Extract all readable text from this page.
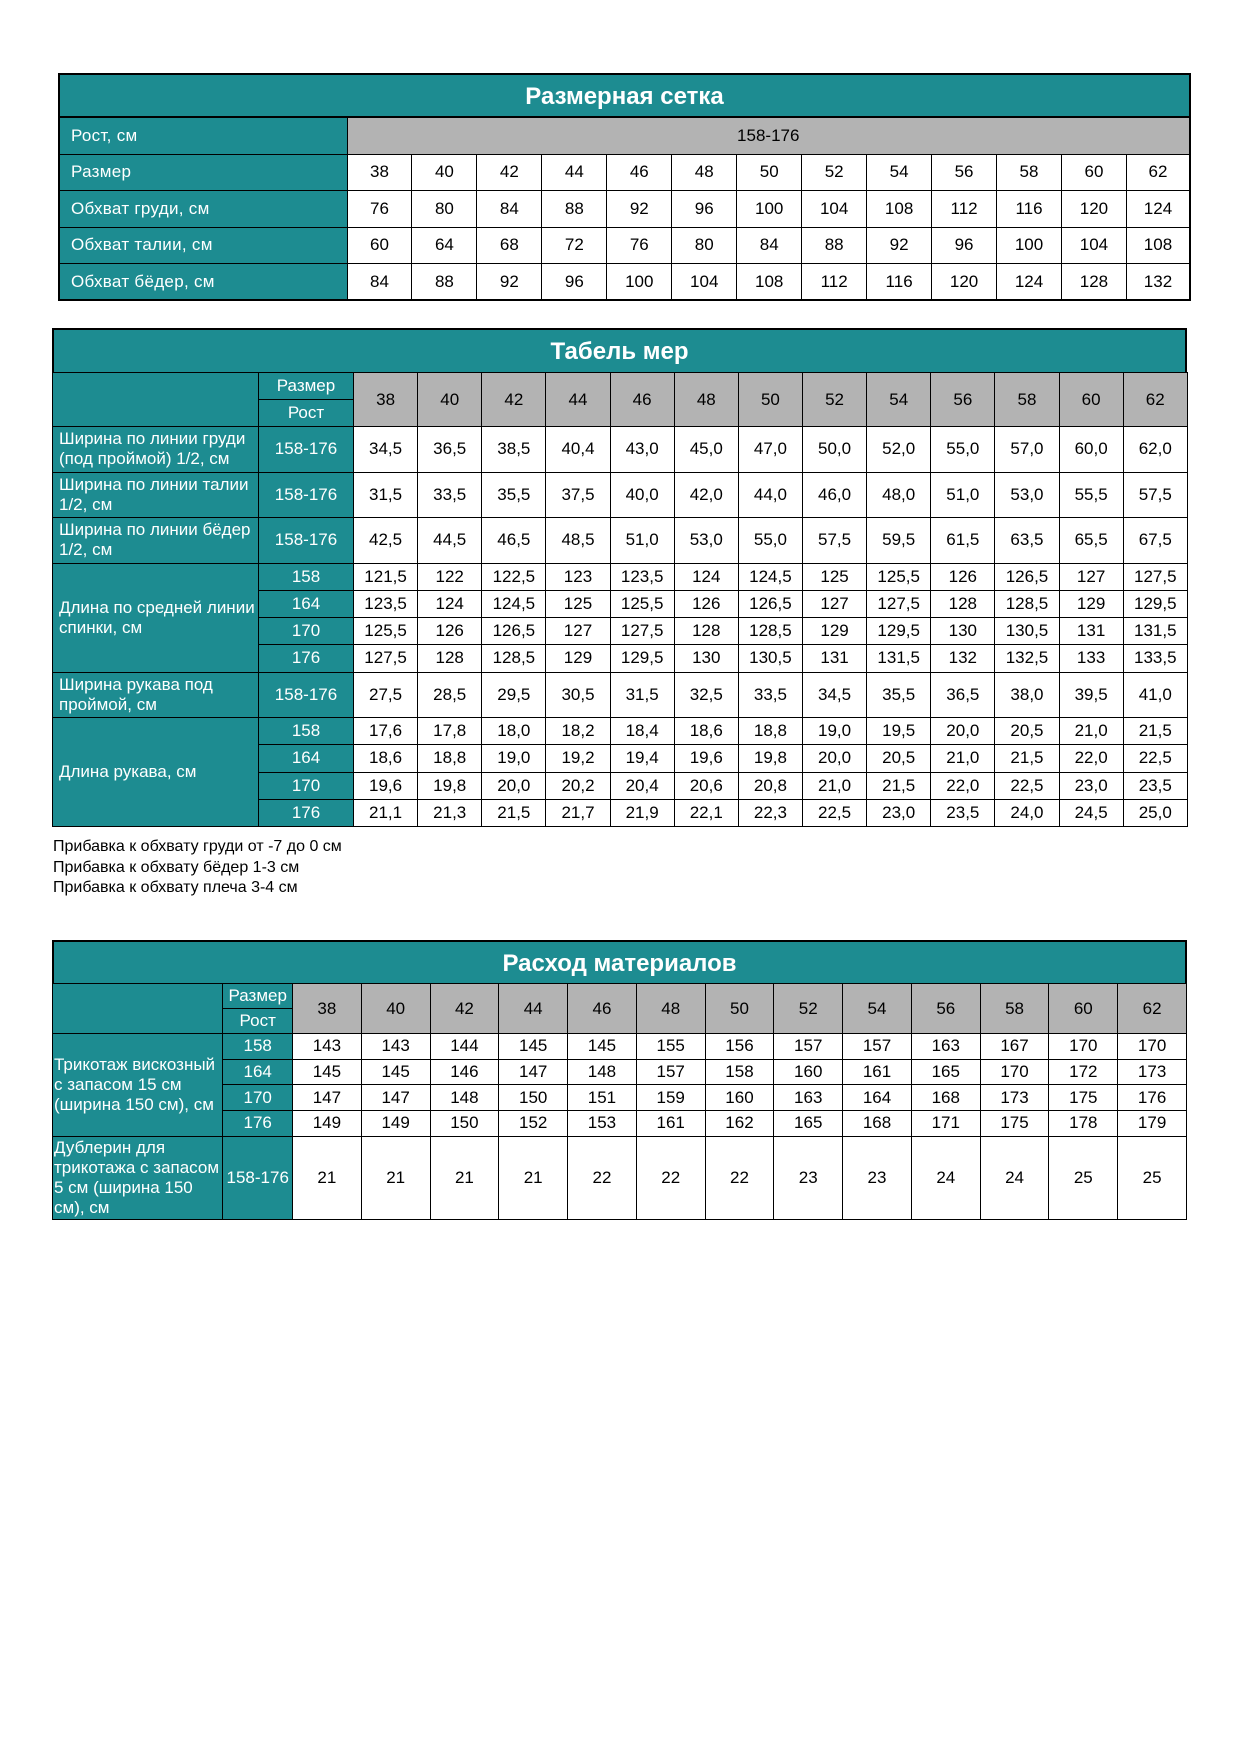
Размерная сетка
Рост, см	158-176												
Размер	38	40	42	44	46	48	50	52	54	56	58	60	62
Обхват груди, см	76	80	84	88	92	96	100	104	108	112	116	120	124
Обхват талии, см	60	64	68	72	76	80	84	88	92	96	100	104	108
Обхват бёдер, см	84	88	92	96	100	104	108	112	116	120	124	128	132
Табель мер
	Размер	38	40	42	44	46	48	50	52	54	56	58	60	62
	Рост													
Ширина по линии груди (под проймой) 1/2, см	158-176	34,5	36,5	38,5	40,4	43,0	45,0	47,0	50,0	52,0	55,0	57,0	60,0	62,0
Ширина по линии талии 1/2, см	158-176	31,5	33,5	35,5	37,5	40,0	42,0	44,0	46,0	48,0	51,0	53,0	55,5	57,5
Ширина по линии бёдер 1/2, см	158-176	42,5	44,5	46,5	48,5	51,0	53,0	55,0	57,5	59,5	61,5	63,5	65,5	67,5
Длина по средней линии спинки, см	158	121,5	122	122,5	123	123,5	124	124,5	125	125,5	126	126,5	127	127,5
	164	123,5	124	124,5	125	125,5	126	126,5	127	127,5	128	128,5	129	129,5
	170	125,5	126	126,5	127	127,5	128	128,5	129	129,5	130	130,5	131	131,5
	176	127,5	128	128,5	129	129,5	130	130,5	131	131,5	132	132,5	133	133,5
Ширина рукава под проймой, см	158-176	27,5	28,5	29,5	30,5	31,5	32,5	33,5	34,5	35,5	36,5	38,0	39,5	41,0
Длина рукава, см	158	17,6	17,8	18,0	18,2	18,4	18,6	18,8	19,0	19,5	20,0	20,5	21,0	21,5
	164	18,6	18,8	19,0	19,2	19,4	19,6	19,8	20,0	20,5	21,0	21,5	22,0	22,5
	170	19,6	19,8	20,0	20,2	20,4	20,6	20,8	21,0	21,5	22,0	22,5	23,0	23,5
	176	21,1	21,3	21,5	21,7	21,9	22,1	22,3	22,5	23,0	23,5	24,0	24,5	25,0
Прибавка к обхвату груди от -7 до 0 см
Прибавка к обхвату бёдер 1-3 см
Прибавка к обхвату плеча 3-4 см
Расход материалов
	Размер	38	40	42	44	46	48	50	52	54	56	58	60	62
	Рост													
Трикотаж вискозный с запасом 15 см (ширина 150 см), см	158	143	143	144	145	145	155	156	157	157	163	167	170	170
	164	145	145	146	147	148	157	158	160	161	165	170	172	173
	170	147	147	148	150	151	159	160	163	164	168	173	175	176
	176	149	149	150	152	153	161	162	165	168	171	175	178	179
Дублерин для трикотажа с запасом 5 см (ширина 150 см), см	158-176	21	21	21	21	22	22	22	23	23	24	24	25	25
